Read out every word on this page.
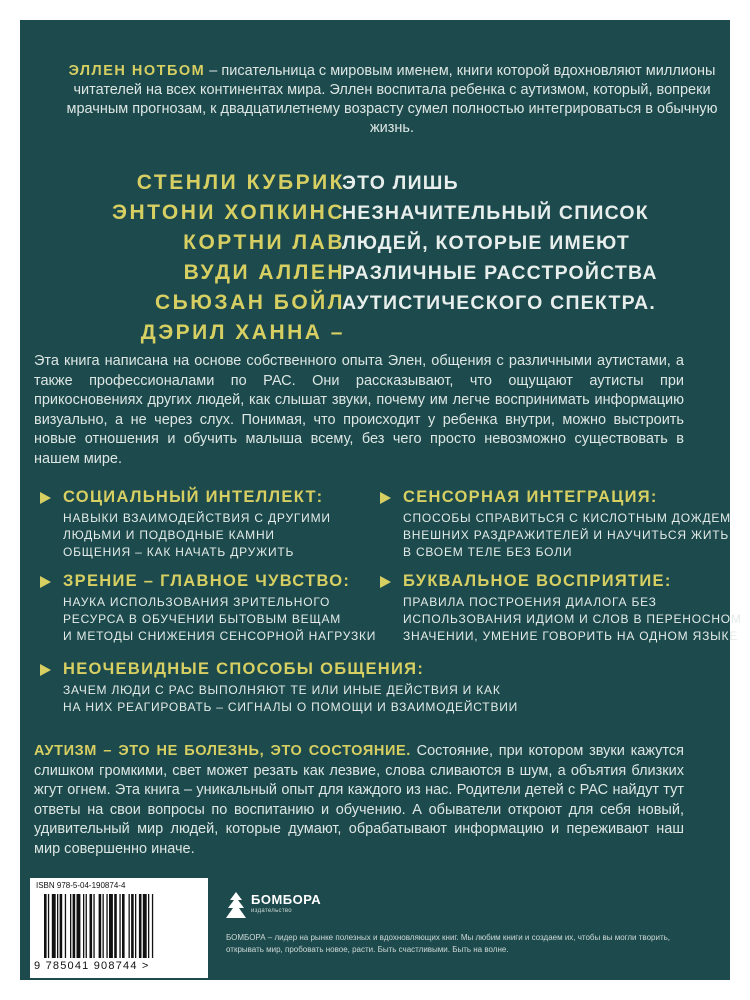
ЭЛЛЕН НОТБОМ – писательница с мировым именем, книги которой вдохновляют миллионы читателей на всех континентах мира. Эллен воспитала ребенка с аутизмом, который, вопреки мрачным прогнозам, к двадцатилетнему возрасту сумел полностью интегрироваться в обычную жизнь.
СТЕНЛИ КУБРИК
ЭНТОНИ ХОПКИНС
КОРТНИ ЛАВ
ВУДИ АЛЛЕН
СЬЮЗАН БОЙЛ
ДЭРИЛ ХАННА –
ЭТО ЛИШЬ
НЕЗНАЧИТЕЛЬНЫЙ СПИСОК
ЛЮДЕЙ, КОТОРЫЕ ИМЕЮТ
РАЗЛИЧНЫЕ РАССТРОЙСТВА
АУТИСТИЧЕСКОГО СПЕКТРА.
Эта книга написана на основе собственного опыта Элен, общения с различными аутистами, а также профессионалами по РАС. Они рассказывают, что ощущают аутисты при прикосновениях других людей, как слышат звуки, почему им легче воспринимать информацию визуально, а не через слух. Понимая, что происходит у ребенка внутри, можно выстроить новые отношения и обучить малыша всему, без чего просто невозможно существовать в нашем мире.
СОЦИАЛЬНЫЙ ИНТЕЛЛЕКТ:
НАВЫКИ ВЗАИМОДЕЙСТВИЯ С ДРУГИМИ
ЛЮДЬМИ И ПОДВОДНЫЕ КАМНИ
ОБЩЕНИЯ – КАК НАЧАТЬ ДРУЖИТЬ
СЕНСОРНАЯ ИНТЕГРАЦИЯ:
СПОСОБЫ СПРАВИТЬСЯ С КИСЛОТНЫМ ДОЖДЕМ
ВНЕШНИХ РАЗДРАЖИТЕЛЕЙ И НАУЧИТЬСЯ ЖИТЬ
В СВОЕМ ТЕЛЕ БЕЗ БОЛИ
ЗРЕНИЕ – ГЛАВНОЕ ЧУВСТВО:
НАУКА ИСПОЛЬЗОВАНИЯ ЗРИТЕЛЬНОГО
РЕСУРСА В ОБУЧЕНИИ БЫТОВЫМ ВЕЩАМ
И МЕТОДЫ СНИЖЕНИЯ СЕНСОРНОЙ НАГРУЗКИ
БУКВАЛЬНОЕ ВОСПРИЯТИЕ:
ПРАВИЛА ПОСТРОЕНИЯ ДИАЛОГА БЕЗ
ИСПОЛЬЗОВАНИЯ ИДИОМ И СЛОВ В ПЕРЕНОСНОМ
ЗНАЧЕНИИ, УМЕНИЕ ГОВОРИТЬ НА ОДНОМ ЯЗЫКЕ
НЕОЧЕВИДНЫЕ СПОСОБЫ ОБЩЕНИЯ:
ЗАЧЕМ ЛЮДИ С РАС ВЫПОЛНЯЮТ ТЕ ИЛИ ИНЫЕ ДЕЙСТВИЯ И КАК
НА НИХ РЕАГИРОВАТЬ – СИГНАЛЫ О ПОМОЩИ И ВЗАИМОДЕЙСТВИИ
АУТИЗМ – ЭТО НЕ БОЛЕЗНЬ, ЭТО СОСТОЯНИЕ. Состояние, при котором звуки кажутся слишком громкими, свет может резать как лезвие, слова сливаются в шум, а объятия близких жгут огнем. Эта книга – уникальный опыт для каждого из нас. Родители детей с РАС найдут тут ответы на свои вопросы по воспитанию и обучению. А обыватели откроют для себя новый, удивительный мир людей, которые думают, обрабатывают информацию и переживают наш мир совершенно иначе.
ISBN 978-5-04-190874-4
9 785041 908744 >
БОМБОРА
издательство
БОМБОРА – лидер на рынке полезных и вдохновляющих книг. Мы любим книги и создаем их, чтобы вы могли творить, открывать мир, пробовать новое, расти. Быть счастливыми. Быть на волне.
